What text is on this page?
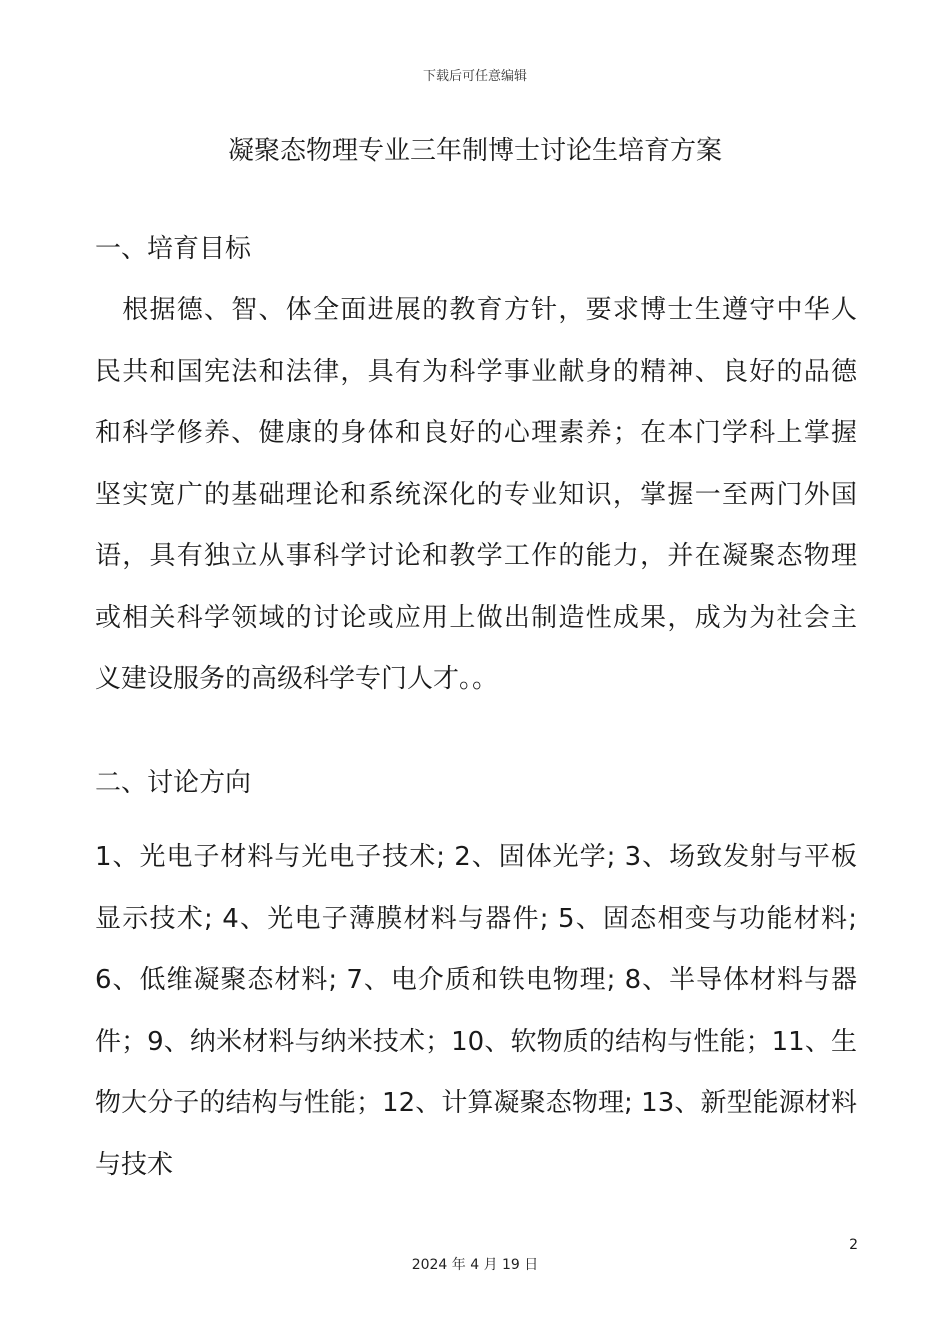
下载后可任意编辑
凝聚态物理专业三年制博士讨论生培育方案
一、培育目标
　根据德、智、体全面进展的教育方针，要求博士生遵守中华人
民共和国宪法和法律，具有为科学事业献身的精神、良好的品德
和科学修养、健康的身体和良好的心理素养；在本门学科上掌握
坚实宽广的基础理论和系统深化的专业知识，掌握一至两门外国
语，具有独立从事科学讨论和教学工作的能力，并在凝聚态物理
或相关科学领域的讨论或应用上做出制造性成果，成为为社会主
义建设服务的高级科学专门人才。。
二、讨论方向
1、光电子材料与光电子技术; 2、固体光学; 3、场致发射与平板
显示技术; 4、光电子薄膜材料与器件; 5、固态相变与功能材料;
6、低维凝聚态材料; 7、电介质和铁电物理; 8、半导体材料与器
件；9、纳米材料与纳米技术；10、软物质的结构与性能；11、生
物大分子的结构与性能；12、计算凝聚态物理; 13、新型能源材料
与技术
2
2024 年 4 月 19 日
